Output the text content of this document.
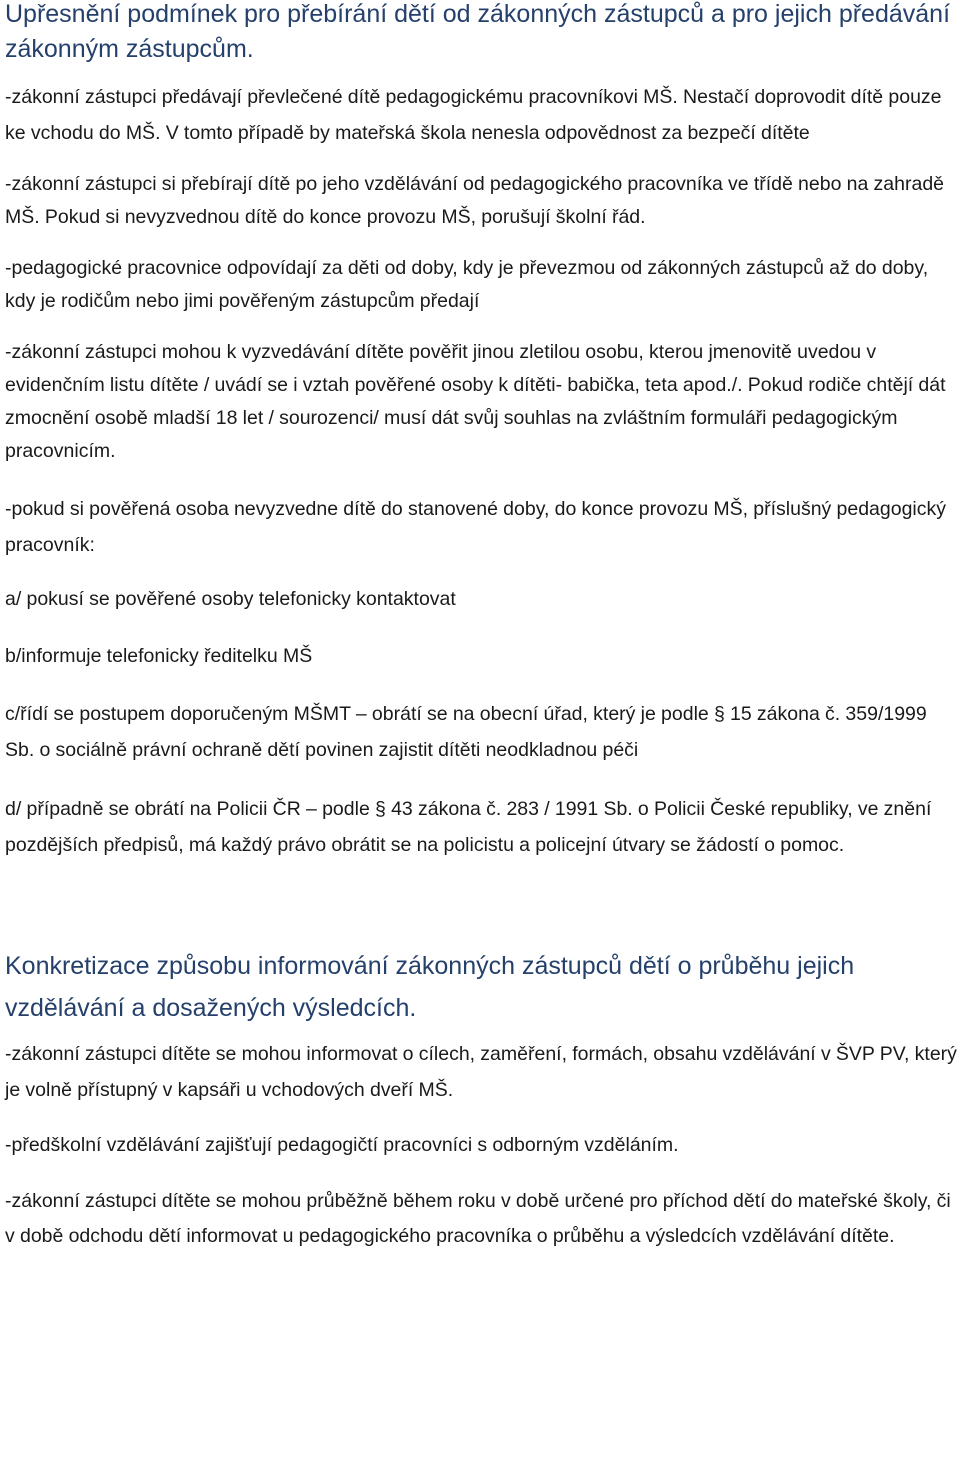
Upřesnění podmínek pro přebírání dětí od zákonných zástupců a pro jejich předávání zákonným zástupcům.

-zákonní zástupci předávají převlečené dítě pedagogickému pracovníkovi MŠ. Nestačí doprovodit dítě pouze ke vchodu do MŠ. V tomto případě by mateřská škola nenesla odpovědnost za bezpečí dítěte

-zákonní zástupci si přebírají dítě po jeho vzdělávání od pedagogického pracovníka ve třídě nebo na zahradě MŠ. Pokud si nevyzvednou dítě do konce provozu MŠ, porušují školní řád.

-pedagogické pracovnice odpovídají za děti od doby, kdy je převezmou od zákonných zástupců až do doby, kdy je rodičům nebo jimi pověřeným zástupcům předají

-zákonní zástupci mohou k vyzvedávání dítěte pověřit jinou zletilou osobu, kterou jmenovitě uvedou v evidenčním listu dítěte / uvádí se i vztah pověřené osoby k dítěti- babička, teta apod./. Pokud rodiče chtějí dát zmocnění osobě mladší 18 let / sourozenci/ musí dát svůj souhlas na zvláštním formuláři pedagogickým pracovnicím.

-pokud si pověřená osoba nevyzvedne dítě do stanovené doby, do konce provozu MŠ, příslušný pedagogický pracovník:

a/ pokusí se pověřené osoby telefonicky kontaktovat

b/informuje telefonicky ředitelku MŠ

c/řídí se postupem doporučeným MŠMT – obrátí se na obecní úřad, který je podle § 15 zákona č. 359/1999 Sb. o sociálně právní ochraně dětí povinen zajistit dítěti neodkladnou péči

d/ případně se obrátí na Policii ČR – podle § 43 zákona č. 283 / 1991 Sb. o Policii České republiky, ve znění pozdějších předpisů, má každý právo obrátit se na policistu a policejní útvary se žádostí o pomoc.

Konkretizace způsobu informování zákonných zástupců dětí o průběhu jejich vzdělávání a dosažených výsledcích.

-zákonní zástupci dítěte se mohou informovat o cílech, zaměření, formách, obsahu vzdělávání v ŠVP PV, který je volně přístupný v kapsáři u vchodových dveří MŠ.

-předškolní vzdělávání zajišťují pedagogičtí pracovníci s odborným vzděláním.

-zákonní zástupci dítěte se mohou průběžně během roku v době určené pro příchod dětí do mateřské školy, či v době odchodu dětí informovat u pedagogického pracovníka o průběhu a výsledcích vzdělávání dítěte.
